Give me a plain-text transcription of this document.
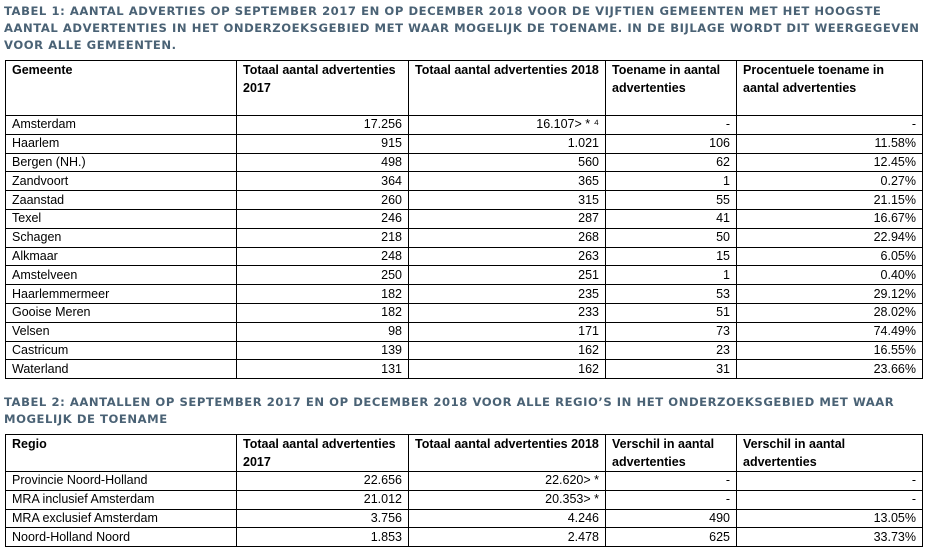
TABEL 1: AANTAL ADVERTIES OP SEPTEMBER 2017 EN OP DECEMBER 2018 VOOR DE VIJFTIEN GEMEENTEN MET HET HOOGSTE AANTAL ADVERTENTIES IN HET ONDERZOEKSGEBIED MET WAAR MOGELIJK DE TOENAME. IN DE BIJLAGE WORDT DIT WEERGEGEVEN VOOR ALLE GEMEENTEN.

Gemeente	Totaal aantal advertenties 2017	Totaal aantal advertenties 2018	Toename in aantal advertenties	Procentuele toename in aantal advertenties
Amsterdam	17.256	16.107> * ⁴	-	-
Haarlem	915	1.021	106	11.58%
Bergen (NH.)	498	560	62	12.45%
Zandvoort	364	365	1	0.27%
Zaanstad	260	315	55	21.15%
Texel	246	287	41	16.67%
Schagen	218	268	50	22.94%
Alkmaar	248	263	15	6.05%
Amstelveen	250	251	1	0.40%
Haarlemmermeer	182	235	53	29.12%
Gooise Meren	182	233	51	28.02%
Velsen	98	171	73	74.49%
Castricum	139	162	23	16.55%
Waterland	131	162	31	23.66%

TABEL 2: AANTALLEN OP SEPTEMBER 2017 EN OP DECEMBER 2018 VOOR ALLE REGIO’S IN HET ONDERZOEKSGEBIED MET WAAR MOGELIJK DE TOENAME

Regio	Totaal aantal advertenties 2017	Totaal aantal advertenties 2018	Verschil in aantal advertenties	Verschil in aantal advertenties
Provincie Noord-Holland	22.656	22.620> *	-	-
MRA inclusief Amsterdam	21.012	20.353> *	-	-
MRA exclusief Amsterdam	3.756	4.246	490	13.05%
Noord-Holland Noord	1.853	2.478	625	33.73%
